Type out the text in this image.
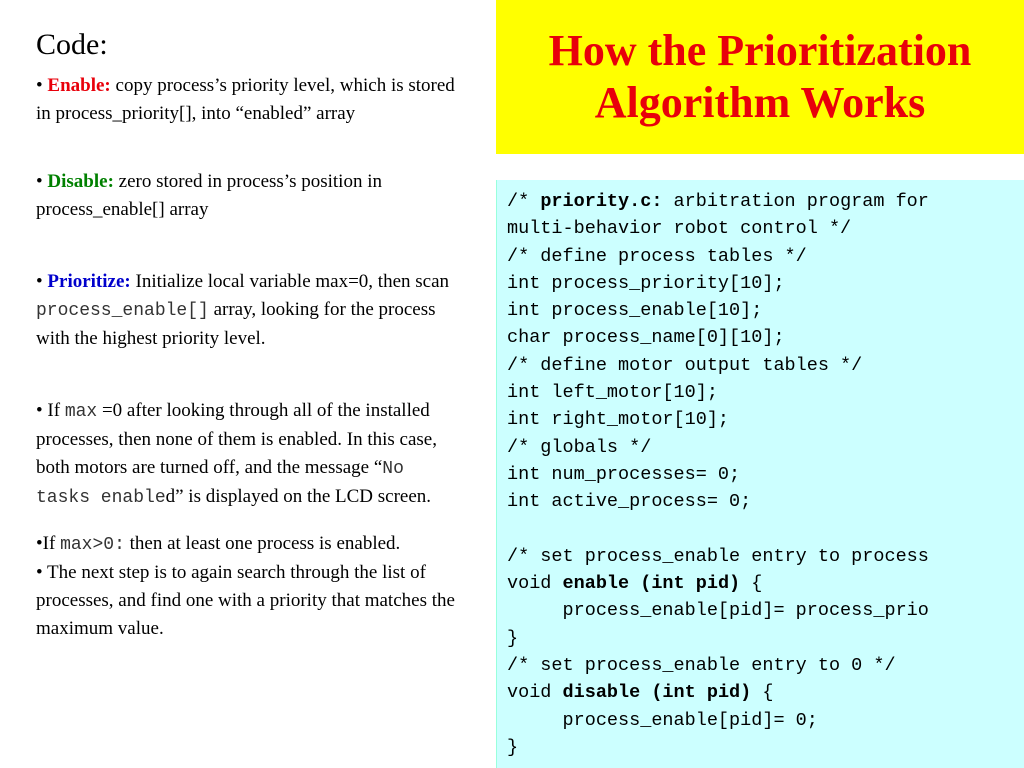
Code:

• Enable: copy process’s priority level, which is stored in process_priority[], into “enabled” array

• Disable: zero stored in process’s position in process_enable[] array

• Prioritize: Initialize local variable max=0, then scan process_enable[] array, looking for the process with the highest priority level.

• If max =0 after looking through all of the installed processes, then none of them is enabled. In this case, both motors are turned off, and the message “No tasks enabled” is displayed on the LCD screen.

•If max>0: then at least one process is enabled.

• The next step is to again search through the list of processes, and find one with a priority that matches the maximum value.

How the Prioritization
Algorithm Works
/* priority.c: arbitration program for
multi-behavior robot control */
/* define process tables */
int process_priority[10];
int process_enable[10];
char process_name[0][10];
/* define motor output tables */
int left_motor[10];
int right_motor[10];
/* globals */
int num_processes= 0;
int active_process= 0;
/* set process_enable entry to process
void enable (int pid) {
process_enable[pid]= process_prio
}
/* set process_enable entry to 0 */
void disable (int pid) {
process_enable[pid]= 0;
}
